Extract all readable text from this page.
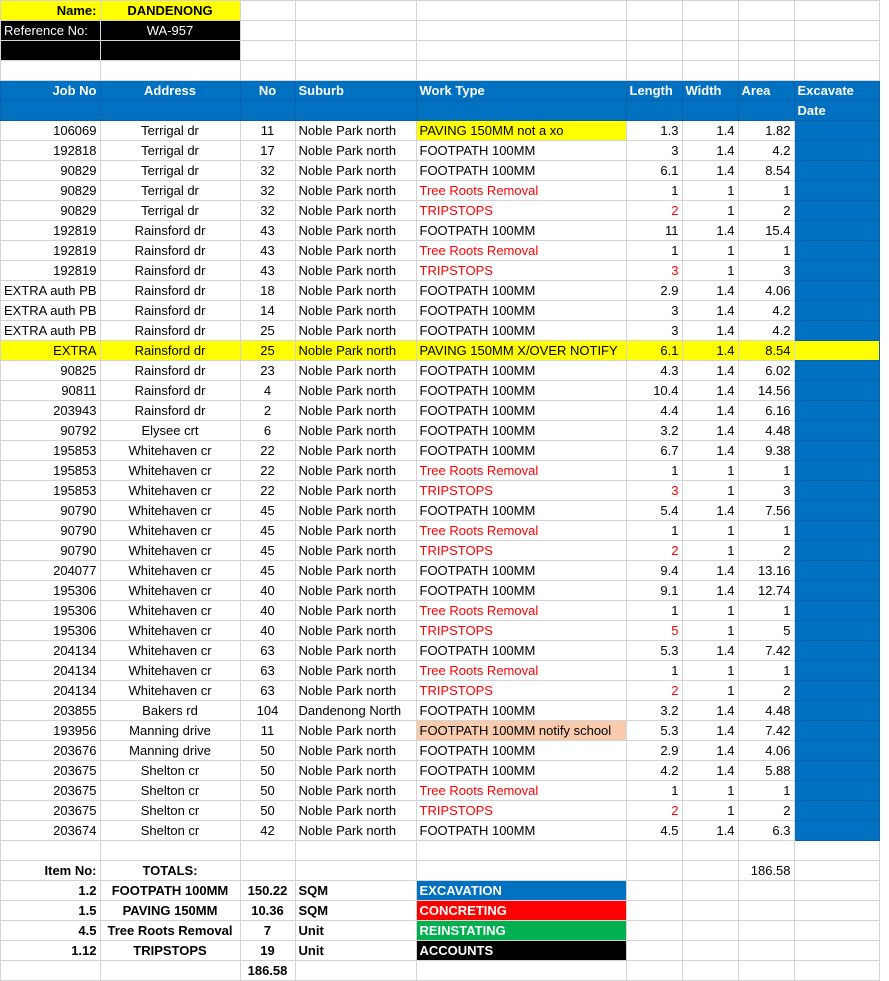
Name:	DANDENONG							
Reference No:	WA-957							

Job No	Address	No	Suburb	Work Type	Length	Width	Area	Excavate
								Date
106069	Terrigal dr	11	Noble Park north	PAVING 150MM not a xo	1.3	1.4	1.82	
192818	Terrigal dr	17	Noble Park north	FOOTPATH 100MM	3	1.4	4.2	
90829	Terrigal dr	32	Noble Park north	FOOTPATH 100MM	6.1	1.4	8.54	
90829	Terrigal dr	32	Noble Park north	Tree Roots Removal	1	1	1	
90829	Terrigal dr	32	Noble Park north	TRIPSTOPS	2	1	2	
192819	Rainsford dr	43	Noble Park north	FOOTPATH 100MM	11	1.4	15.4	
192819	Rainsford dr	43	Noble Park north	Tree Roots Removal	1	1	1	
192819	Rainsford dr	43	Noble Park north	TRIPSTOPS	3	1	3	
EXTRA auth PB	Rainsford dr	18	Noble Park north	FOOTPATH 100MM	2.9	1.4	4.06	
EXTRA auth PB	Rainsford dr	14	Noble Park north	FOOTPATH 100MM	3	1.4	4.2	
EXTRA auth PB	Rainsford dr	25	Noble Park north	FOOTPATH 100MM	3	1.4	4.2	
EXTRA	Rainsford dr	25	Noble Park north	PAVING 150MM X/OVER NOTIFY	6.1	1.4	8.54	
90825	Rainsford dr	23	Noble Park north	FOOTPATH 100MM	4.3	1.4	6.02	
90811	Rainsford dr	4	Noble Park north	FOOTPATH 100MM	10.4	1.4	14.56	
203943	Rainsford dr	2	Noble Park north	FOOTPATH 100MM	4.4	1.4	6.16	
90792	Elysee crt	6	Noble Park north	FOOTPATH 100MM	3.2	1.4	4.48	
195853	Whitehaven cr	22	Noble Park north	FOOTPATH 100MM	6.7	1.4	9.38	
195853	Whitehaven cr	22	Noble Park north	Tree Roots Removal	1	1	1	
195853	Whitehaven cr	22	Noble Park north	TRIPSTOPS	3	1	3	
90790	Whitehaven cr	45	Noble Park north	FOOTPATH 100MM	5.4	1.4	7.56	
90790	Whitehaven cr	45	Noble Park north	Tree Roots Removal	1	1	1	
90790	Whitehaven cr	45	Noble Park north	TRIPSTOPS	2	1	2	
204077	Whitehaven cr	45	Noble Park north	FOOTPATH 100MM	9.4	1.4	13.16	
195306	Whitehaven cr	40	Noble Park north	FOOTPATH 100MM	9.1	1.4	12.74	
195306	Whitehaven cr	40	Noble Park north	Tree Roots Removal	1	1	1	
195306	Whitehaven cr	40	Noble Park north	TRIPSTOPS	5	1	5	
204134	Whitehaven cr	63	Noble Park north	FOOTPATH 100MM	5.3	1.4	7.42	
204134	Whitehaven cr	63	Noble Park north	Tree Roots Removal	1	1	1	
204134	Whitehaven cr	63	Noble Park north	TRIPSTOPS	2	1	2	
203855	Bakers rd	104	Dandenong North	FOOTPATH 100MM	3.2	1.4	4.48	
193956	Manning drive	11	Noble Park north	FOOTPATH 100MM notify school	5.3	1.4	7.42	
203676	Manning drive	50	Noble Park north	FOOTPATH 100MM	2.9	1.4	4.06	
203675	Shelton cr	50	Noble Park north	FOOTPATH 100MM	4.2	1.4	5.88	
203675	Shelton cr	50	Noble Park north	Tree Roots Removal	1	1	1	
203675	Shelton cr	50	Noble Park north	TRIPSTOPS	2	1	2	
203674	Shelton cr	42	Noble Park north	FOOTPATH 100MM	4.5	1.4	6.3	

Item No:	TOTALS:						186.58	
1.2	FOOTPATH 100MM	150.22	SQM	EXCAVATION				
1.5	PAVING 150MM	10.36	SQM	CONCRETING				
4.5	Tree Roots Removal	7	Unit	REINSTATING				
1.12	TRIPSTOPS	19	Unit	ACCOUNTS				
		186.58						
